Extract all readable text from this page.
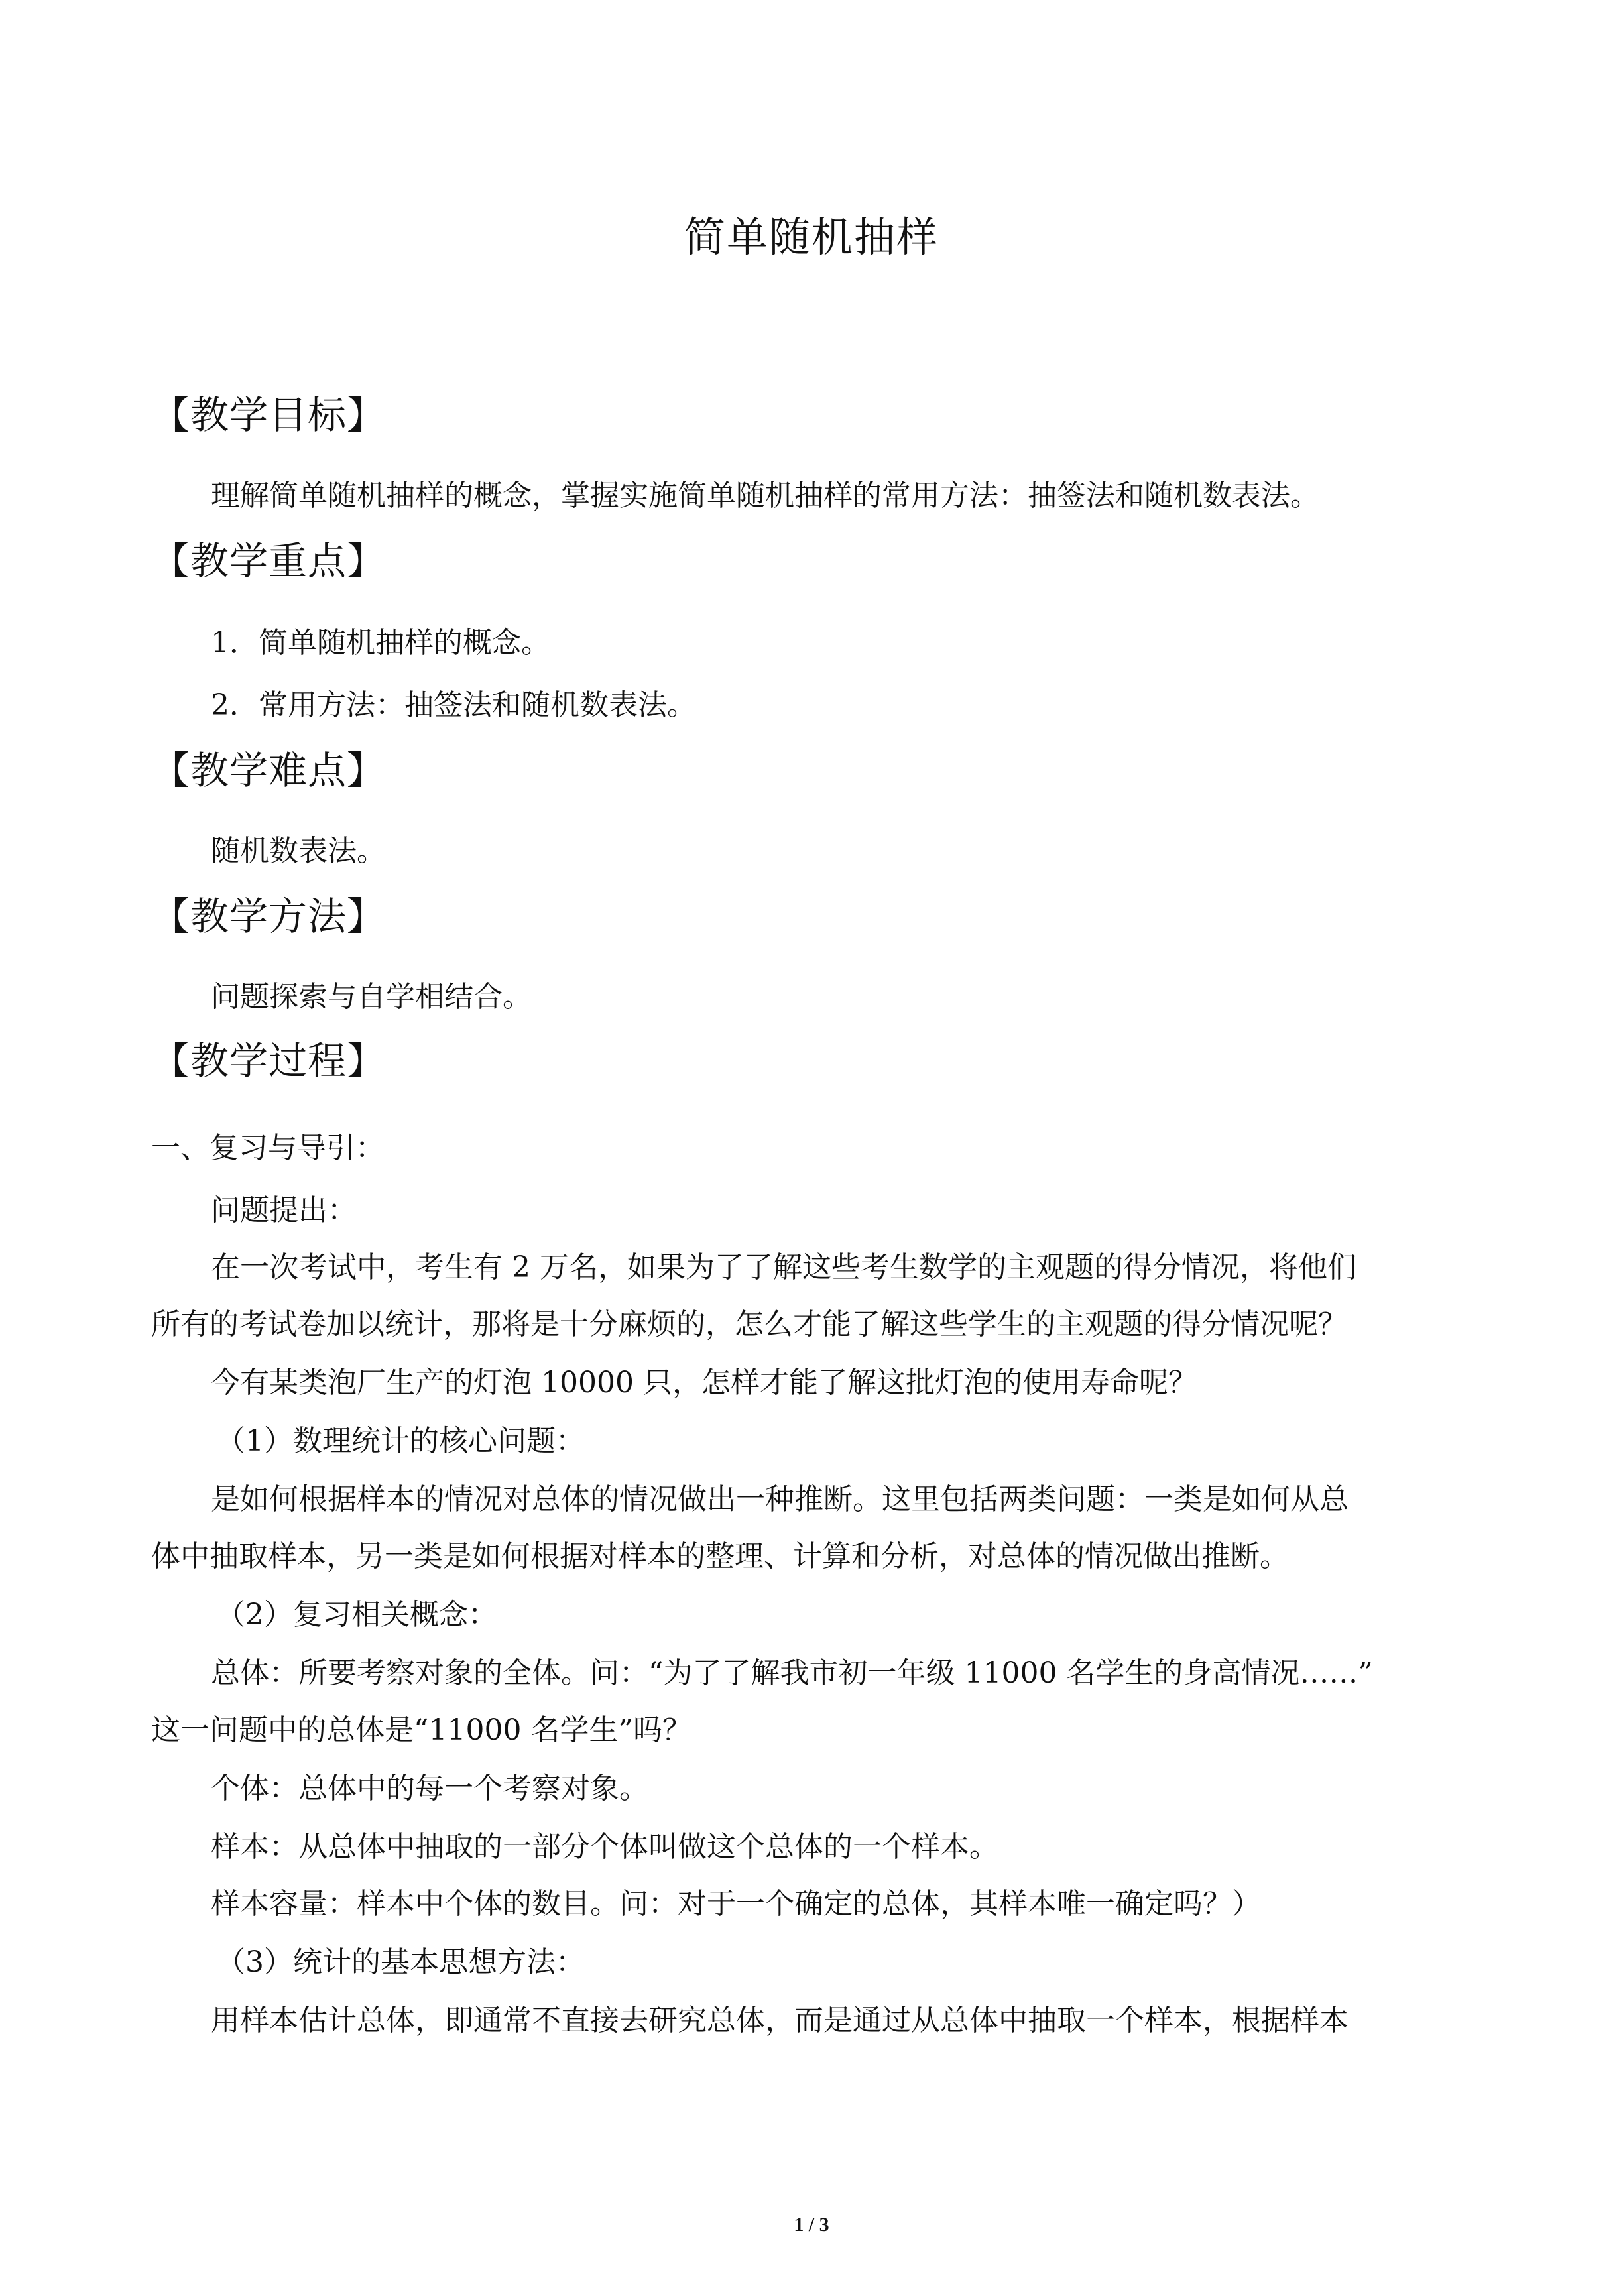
简单随机抽样
【教学目标】
理解简单随机抽样的概念，掌握实施简单随机抽样的常用方法：抽签法和随机数表法。
【教学重点】
1．简单随机抽样的概念。
2．常用方法：抽签法和随机数表法。
【教学难点】
随机数表法。
【教学方法】
问题探索与自学相结合。
【教学过程】
一、复习与导引：
问题提出：
在一次考试中，考生有 2 万名，如果为了了解这些考生数学的主观题的得分情况，将他们
所有的考试卷加以统计，那将是十分麻烦的，怎么才能了解这些学生的主观题的得分情况呢？
今有某类泡厂生产的灯泡 10000 只，怎样才能了解这批灯泡的使用寿命呢？
（1）数理统计的核心问题：
是如何根据样本的情况对总体的情况做出一种推断。这里包括两类问题：一类是如何从总
体中抽取样本，另一类是如何根据对样本的整理、计算和分析，对总体的情况做出推断。
（2）复习相关概念：
总体：所要考察对象的全体。问：“为了了解我市初一年级 11000 名学生的身高情况……”
这一问题中的总体是“11000 名学生”吗？
个体：总体中的每一个考察对象。
样本：从总体中抽取的一部分个体叫做这个总体的一个样本。
样本容量：样本中个体的数目。问：对于一个确定的总体，其样本唯一确定吗？）
（3）统计的基本思想方法：
用样本估计总体，即通常不直接去研究总体，而是通过从总体中抽取一个样本，根据样本
1 / 3
